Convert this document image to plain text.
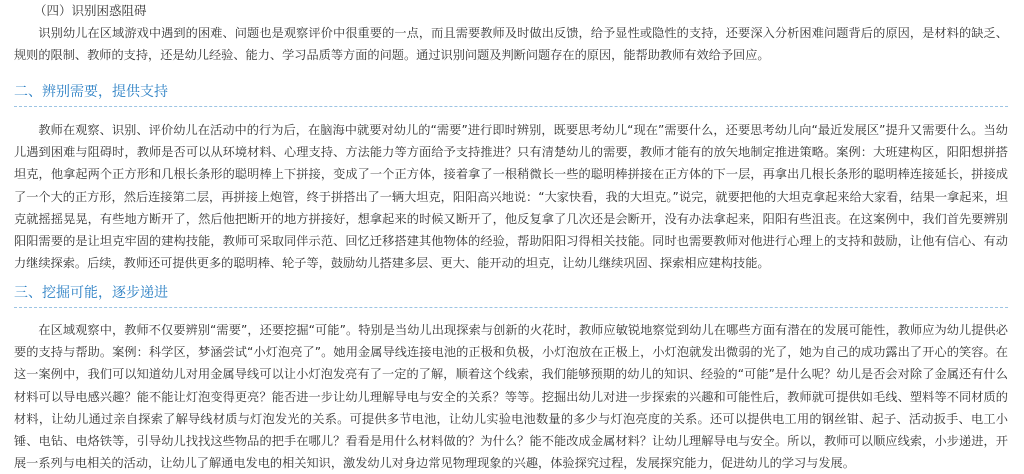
（四）识别困惑阻碍

识别幼儿在区域游戏中遇到的困难、问题也是观察评价中很重要的一点，而且需要教师及时做出反馈，给予显性或隐性的支持，还要深入分析困难问题背后的原因，是材料的缺乏、规则的限制、教师的支持，还是幼儿经验、能力、学习品质等方面的问题。通过识别问题及判断问题存在的原因，能帮助教师有效给予回应。

二、辨别需要，提供支持

教师在观察、识别、评价幼儿在活动中的行为后，在脑海中就要对幼儿的“需要”进行即时辨别，既要思考幼儿“现在”需要什么，还要思考幼儿向“最近发展区”提升又需要什么。当幼儿遇到困难与阻碍时，教师是否可以从环境材料、心理支持、方法能力等方面给予支持推进？只有清楚幼儿的需要，教师才能有的放矢地制定推进策略。案例：大班建构区，阳阳想拼搭坦克，他拿起两个正方形和几根长条形的聪明棒上下拼接，变成了一个正方体，接着拿了一根稍微长一些的聪明棒拼接在正方体的下一层，再拿出几根长条形的聪明棒连接延长，拼接成了一个大的正方形，然后连接第二层，再拼接上炮管，终于拼搭出了一辆大坦克，阳阳高兴地说：“大家快看，我的大坦克。”说完，就要把他的大坦克拿起来给大家看，结果一拿起来，坦克就摇摇晃晃，有些地方断开了，然后他把断开的地方拼接好，想拿起来的时候又断开了，他反复拿了几次还是会断开，没有办法拿起来，阳阳有些沮丧。在这案例中，我们首先要辨别阳阳需要的是让坦克牢固的建构技能，教师可采取同伴示范、回忆迁移搭建其他物体的经验，帮助阳阳习得相关技能。同时也需要教师对他进行心理上的支持和鼓励，让他有信心、有动力继续探索。后续，教师还可提供更多的聪明棒、轮子等，鼓励幼儿搭建多层、更大、能开动的坦克，让幼儿继续巩固、探索相应建构技能。

三、挖掘可能，逐步递进

在区域观察中，教师不仅要辨别“需要”，还要挖掘“可能”。特别是当幼儿出现探索与创新的火花时，教师应敏锐地察觉到幼儿在哪些方面有潜在的发展可能性，教师应为幼儿提供必要的支持与帮助。案例：科学区，梦涵尝试“小灯泡亮了”。她用金属导线连接电池的正极和负极，小灯泡放在正极上，小灯泡就发出微弱的光了，她为自己的成功露出了开心的笑容。在这一案例中，我们可以知道幼儿对用金属导线可以让小灯泡发亮有了一定的了解，顺着这个线索，我们能够预期的幼儿的知识、经验的“可能”是什么呢？幼儿是否会对除了金属还有什么材料可以导电感兴趣？能不能让灯泡变得更亮？能否进一步让幼儿理解导电与安全的关系？等等。挖掘出幼儿对进一步探索的兴趣和可能性后，教师就可提供如毛线、塑料等不同材质的材料，让幼儿通过亲自探索了解导线材质与灯泡发光的关系。可提供多节电池，让幼儿实验电池数量的多少与灯泡亮度的关系。还可以提供电工用的钢丝钳、起子、活动扳手、电工小锤、电钻、电烙铁等，引导幼儿找找这些物品的把手在哪儿？看看是用什么材料做的？为什么？能不能改成金属材料？让幼儿理解导电与安全。所以，教师可以顺应线索，小步递进，开展一系列与电相关的活动，让幼儿了解通电发电的相关知识，激发幼儿对身边常见物理现象的兴趣，体验探究过程，发展探究能力，促进幼儿的学习与发展。
